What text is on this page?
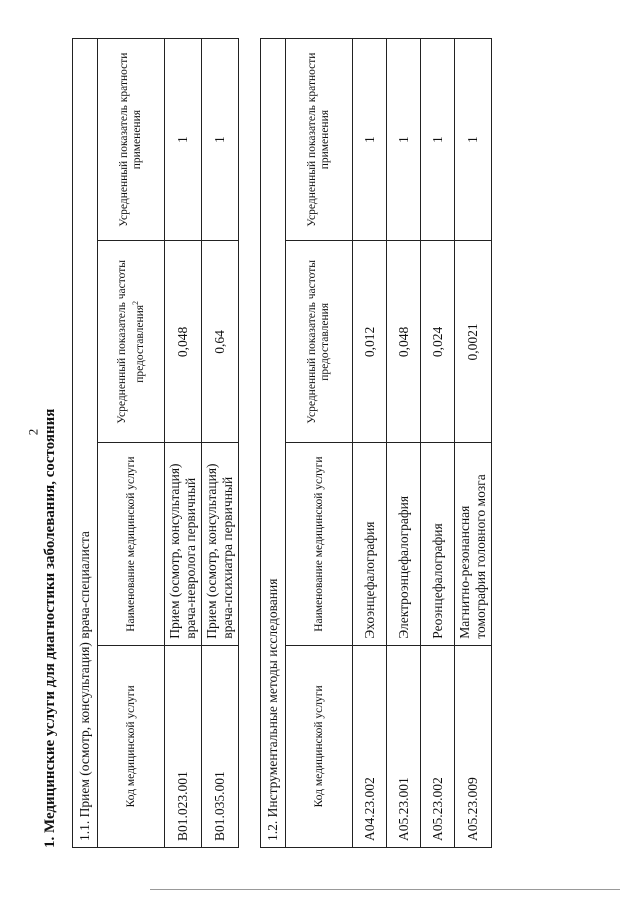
2 1. Медицинские услуги для диагностики заболевания, состояния 1.1. Прием (осмотр, консультация) врача-специалиста			
Код медицинской услуги	Наименование медицинской услуги	Усредненный показатель частоты предоставления$^2$	Усредненный показатель кратности применения
B01.023.001	Прием (осмотр, консультация) врача-невролога первичный	0,048	1
B01.035.001	Прием (осмотр, консультация) врача-психиатра первичный	0,64	1
1.2. Инструментальные методы исследования			
Код медицинской услуги	Наименование медицинской услуги	Усредненный показатель частоты предоставления	Усредненный показатель кратности применения
A04.23.002	Эхоэнцефалография	0,012	1
A05.23.001	Электроэнцефалография	0,048	1
A05.23.002	Реоэнцефалография	0,024	1
A05.23.009	Магнитно-резонансная томография головного мозга	0,0021	1
